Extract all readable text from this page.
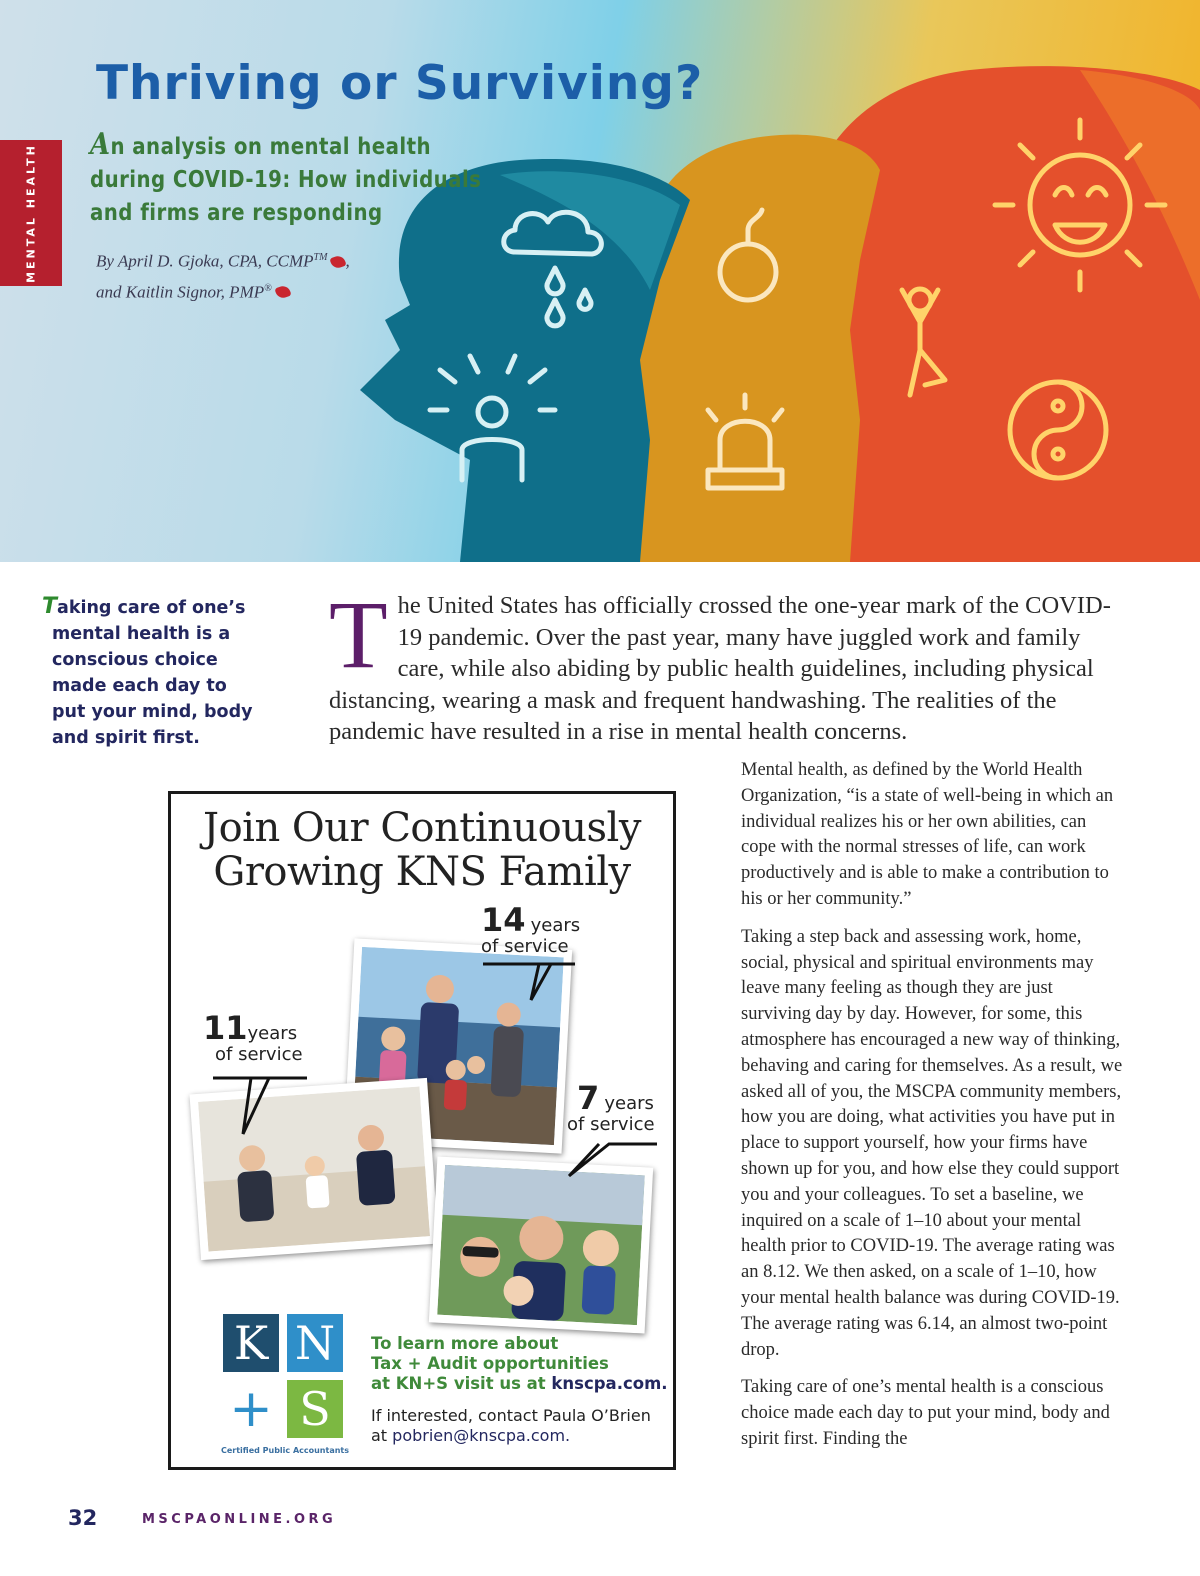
MENTAL HEALTH
Thriving or Surviving?

An analysis on mental health during COVID-19: How individuals and firms are responding

By April D. Gjoka, CPA, CCMP™ ,
and Kaitlin Signor, PMP®

Taking care of one’s
mental health is a conscious choice made each day to put your mind, body and spirit first.

The United States has officially crossed the one-year mark of the COVID-19 pandemic. Over the past year, many have juggled work and family care, while also abiding by public health guidelines, including physical distancing, wearing a mask and frequent handwashing. The realities of the pandemic have resulted in a rise in mental health concerns.

Join Our Continuously
Growing KNS Family
14 years
of service
11years
of service
7 years
of service
K N
+ S
Certified Public Accountants

To learn more about
Tax + Audit opportunities
at KN+S visit us at knscpa.com.

If interested, contact Paula O’Brien
at pobrien@knscpa.com.

Mental health, as defined by the World Health Organization, “is a state of well-being in which an individual realizes his or her own abilities, can cope with the normal stresses of life, can work productively and is able to make a contribution to his or her community.”

Taking a step back and assessing work, home, social, physical and spiritual environments may leave many feeling as though they are just surviving day by day. However, for some, this atmosphere has encouraged a new way of thinking, behaving and caring for themselves. As a result, we asked all of you, the MSCPA community members, how you are doing, what activities you have put in place to support yourself, how your firms have shown up for you, and how else they could support you and your colleagues. To set a baseline, we inquired on a scale of 1–10 about your mental health prior to COVID-19. The average rating was an 8.12. We then asked, on a scale of 1–10, how your mental health balance was during COVID-19. The average rating was 6.14, an almost two-point drop.

Taking care of one’s mental health is a conscious choice made each day to put your mind, body and spirit first. Finding the

32	MSCPAONLINE.ORG
